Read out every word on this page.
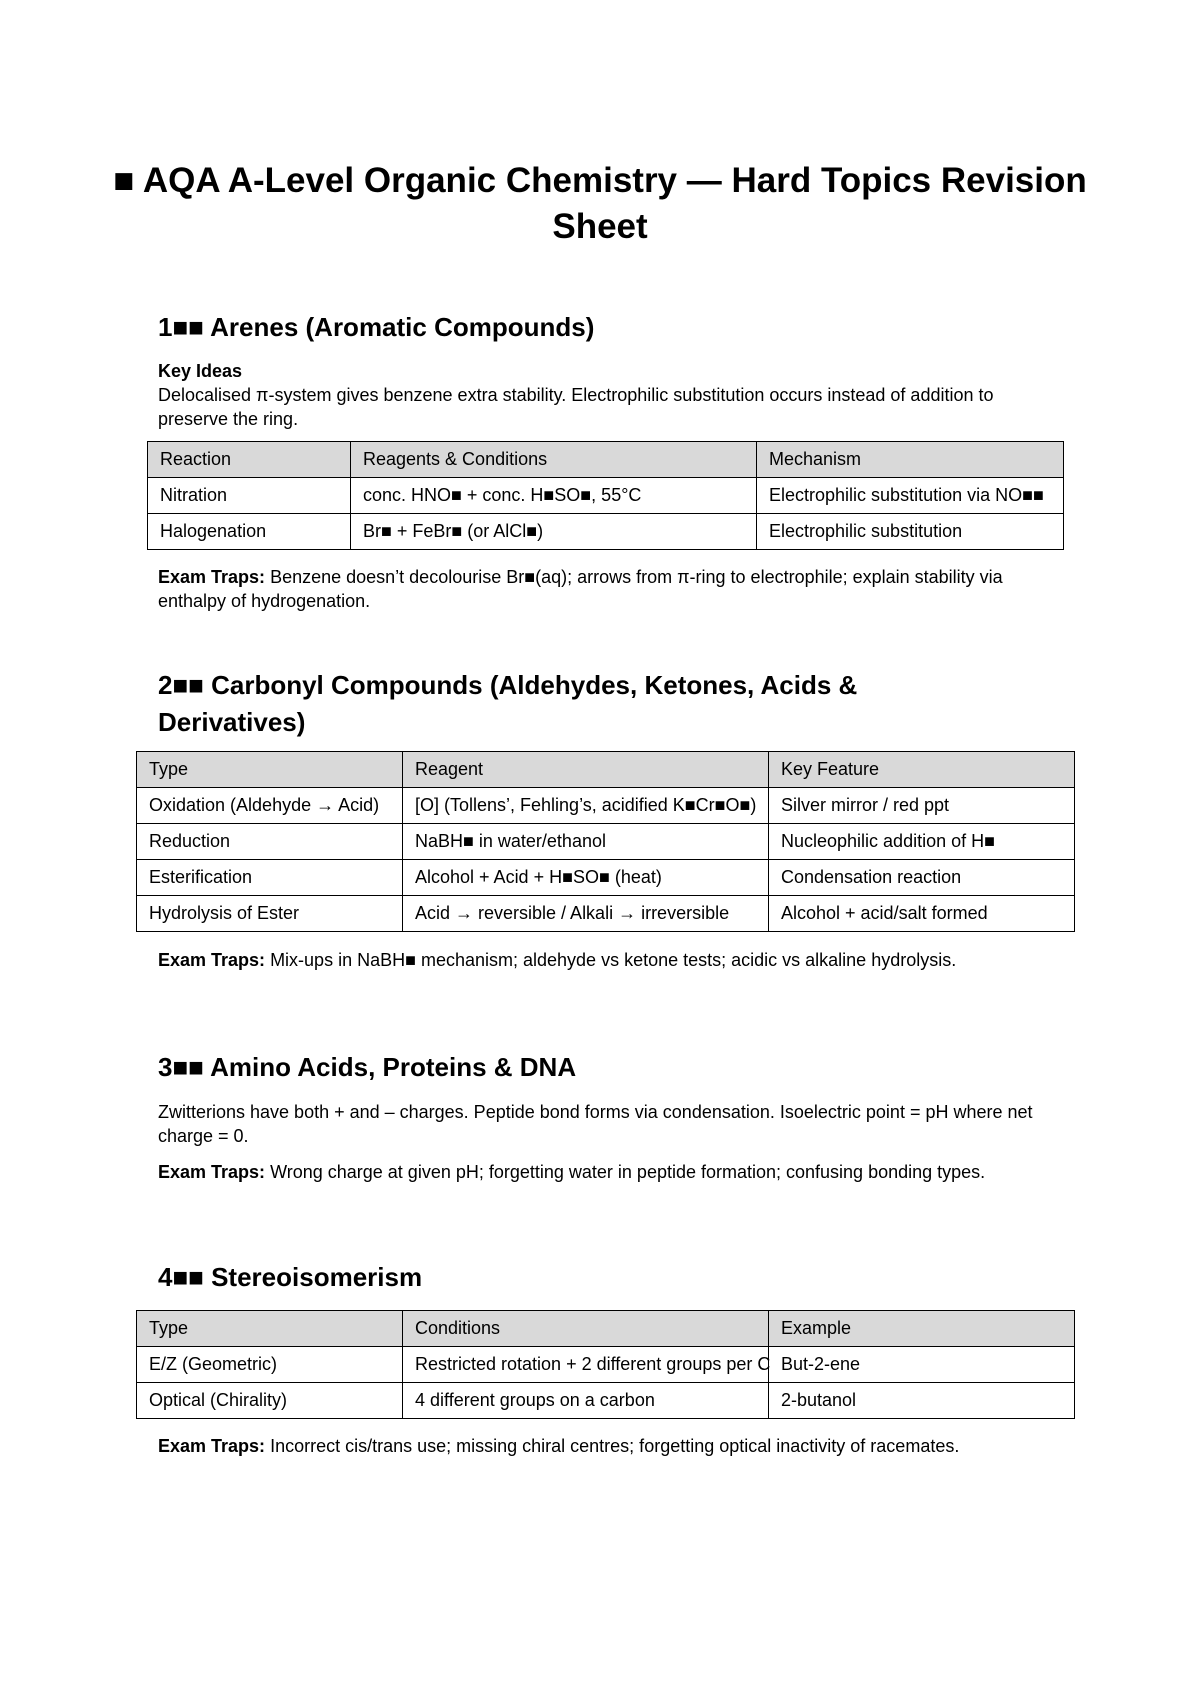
■ AQA A-Level Organic Chemistry — Hard Topics Revision Sheet
1■■ Arenes (Aromatic Compounds)
Key Ideas
Delocalised π-system gives benzene extra stability. Electrophilic substitution occurs instead of addition to preserve the ring.
Reaction	Reagents & Conditions	Mechanism
Nitration	conc. HNO■ + conc. H■SO■, 55°C	Electrophilic substitution via NO■■
Halogenation	Br■ + FeBr■ (or AlCl■)	Electrophilic substitution
Exam Traps: Benzene doesn’t decolourise Br■(aq); arrows from π-ring to electrophile; explain stability via enthalpy of hydrogenation.
2■■ Carbonyl Compounds (Aldehydes, Ketones, Acids & Derivatives)
Type	Reagent	Key Feature
Oxidation (Aldehyde → Acid)	[O] (Tollens’, Fehling’s, acidified K■Cr■O■)	Silver mirror / red ppt
Reduction	NaBH■ in water/ethanol	Nucleophilic addition of H■
Esterification	Alcohol + Acid + H■SO■ (heat)	Condensation reaction
Hydrolysis of Ester	Acid → reversible / Alkali → irreversible	Alcohol + acid/salt formed
Exam Traps: Mix-ups in NaBH■ mechanism; aldehyde vs ketone tests; acidic vs alkaline hydrolysis.
3■■ Amino Acids, Proteins & DNA
Zwitterions have both + and – charges. Peptide bond forms via condensation. Isoelectric point = pH where net charge = 0.
Exam Traps: Wrong charge at given pH; forgetting water in peptide formation; confusing bonding types.
4■■ Stereoisomerism
Type	Conditions	Example
E/Z (Geometric)	Restricted rotation + 2 different groups per C	But-2-ene
Optical (Chirality)	4 different groups on a carbon	2-butanol
Exam Traps: Incorrect cis/trans use; missing chiral centres; forgetting optical inactivity of racemates.
